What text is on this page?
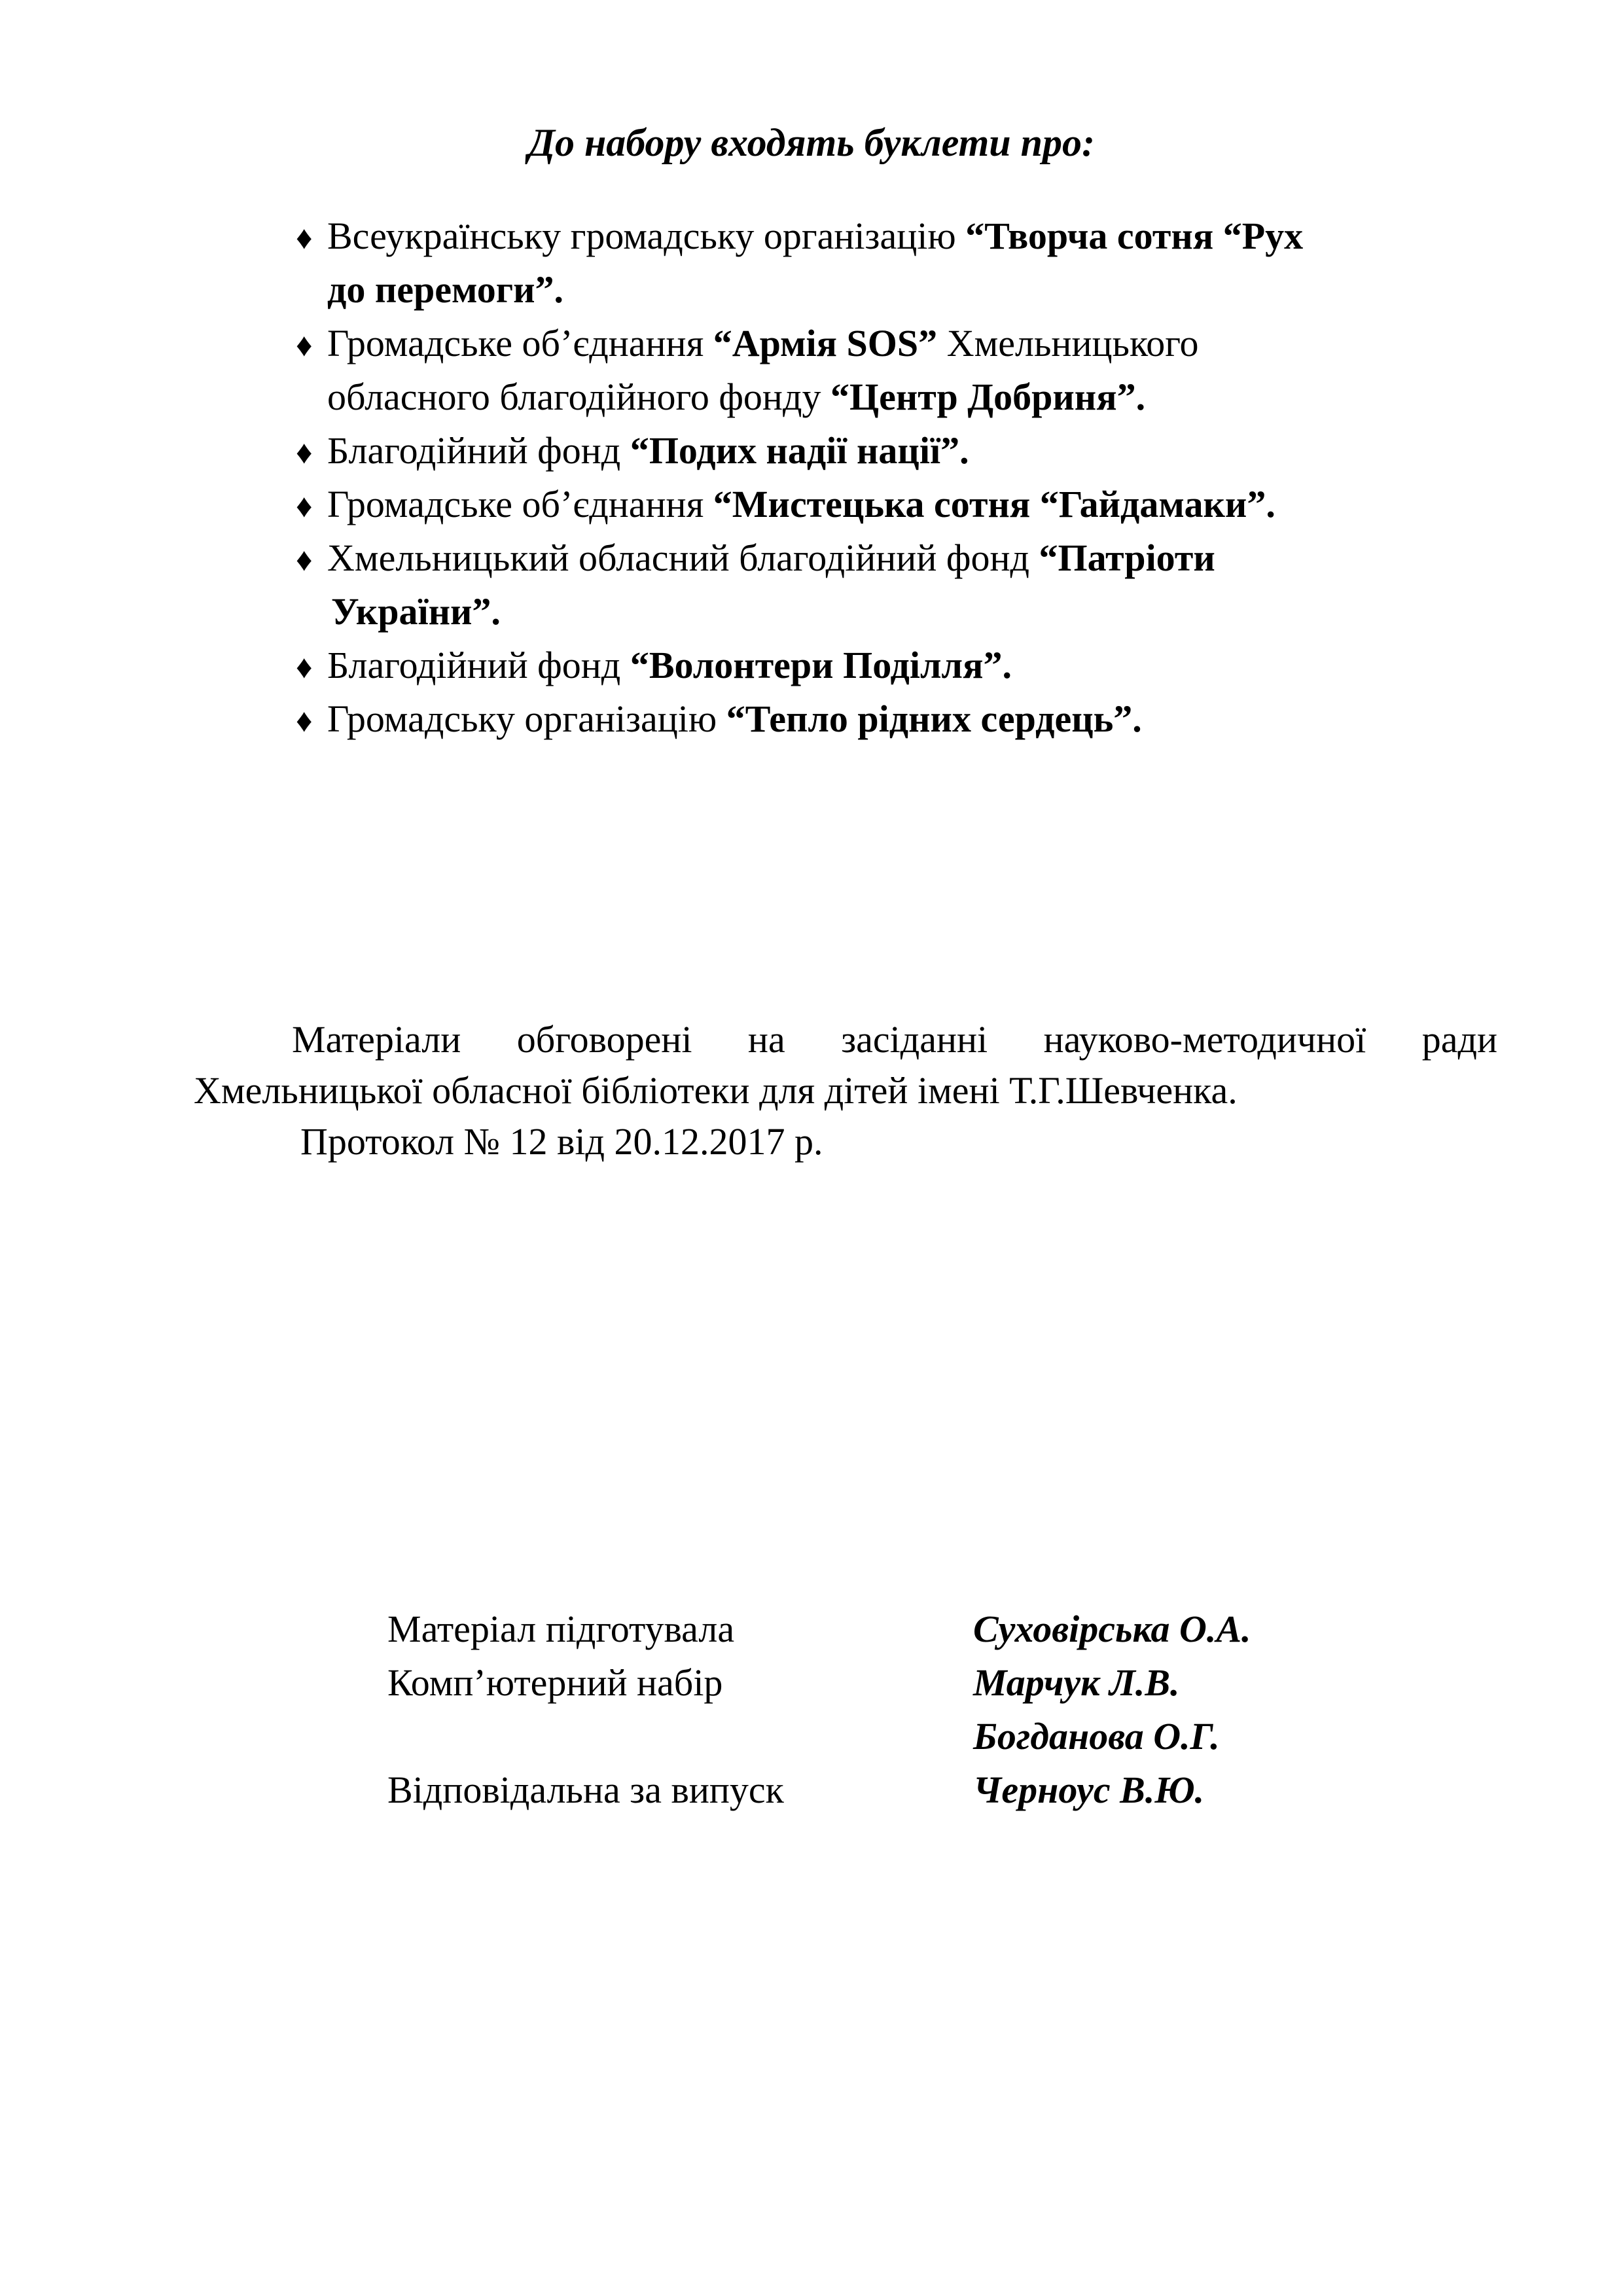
До набору входять буклети про:
♦ Всеукраїнську громадську організацію “Творча сотня “Рух
до перемоги”.
♦ Громадське об’єднання “Армія SOS” Хмельницького
обласного благодійного фонду “Центр Добриня”.
♦ Благодійний фонд “Подих надії нації”.
♦ Громадське об’єднання “Мистецька сотня “Гайдамаки”.
♦ Хмельницький обласний благодійний фонд “Патріоти
України”.
♦ Благодійний фонд “Волонтери Поділля”.
♦ Громадську організацію “Тепло рідних сердець”.

Матеріали обговорені на засіданні науково-методичної ради

Хмельницької обласної бібліотеки для дітей імені Т.Г.Шевченка.

Протокол № 12 від 20.12.2017 р.
Матеріал підготувала	Суховірська О.А.
Комп’ютерний набір	Марчук Л.В.
Богданова О.Г.
Відповідальна за випуск	Черноус В.Ю.
